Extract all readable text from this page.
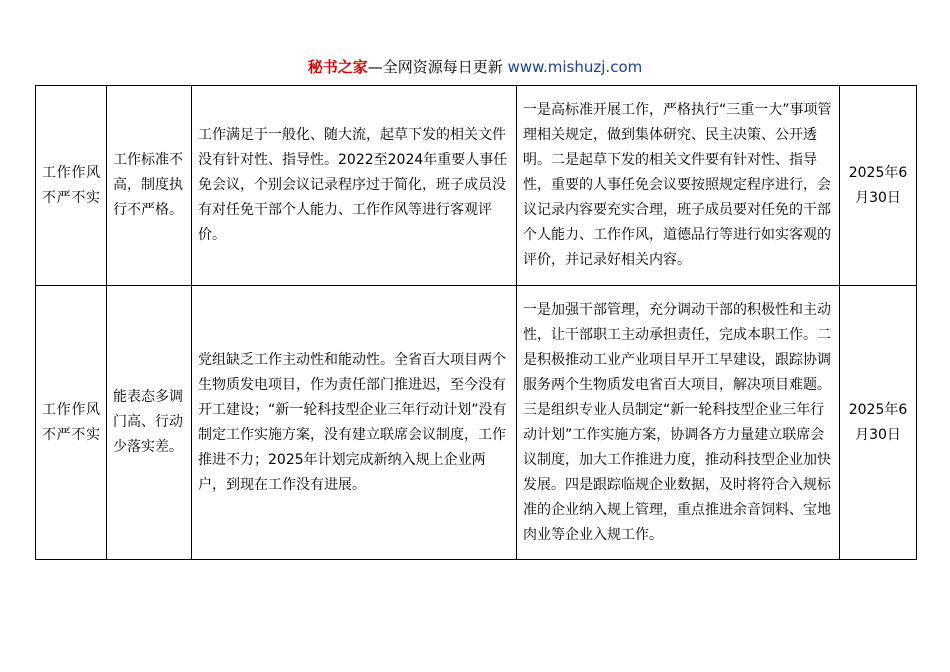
秘书之家—全网资源每日更新 www.mishuzj.com
工作作风不严不实	工作标准不高，制度执行不严格。	工作满足于一般化、随大流，起草下发的相关文件没有针对性、指导性。2022至2024年重要人事任免会议，个别会议记录程序过于简化，班子成员没有对任免干部个人能力、工作作风等进行客观评价。	一是高标准开展工作，严格执行“三重一大”事项管理相关规定，做到集体研究、民主决策、公开透明。二是起草下发的相关文件要有针对性、指导性，重要的人事任免会议要按照规定程序进行，会议记录内容要充实合理，班子成员要对任免的干部个人能力、工作作风，道德品行等进行如实客观的评价，并记录好相关内容。	2025年6月30日
工作作风不严不实	能表态多调门高、行动少落实差。	党组缺乏工作主动性和能动性。全省百大项目两个生物质发电项目，作为责任部门推进迟，至今没有开工建设；“新一轮科技型企业三年行动计划”没有制定工作实施方案，没有建立联席会议制度，工作推进不力；2025年计划完成新纳入规上企业两户，到现在工作没有进展。	一是加强干部管理，充分调动干部的积极性和主动性，让干部职工主动承担责任，完成本职工作。二是积极推动工业产业项目早开工早建设，跟踪协调服务两个生物质发电省百大项目，解决项目难题。三是组织专业人员制定“新一轮科技型企业三年行动计划”工作实施方案，协调各方力量建立联席会议制度，加大工作推进力度，推动科技型企业加快发展。四是跟踪临规企业数据，及时将符合入规标准的企业纳入规上管理，重点推进余音饲料、宝地肉业等企业入规工作。	2025年6月30日
